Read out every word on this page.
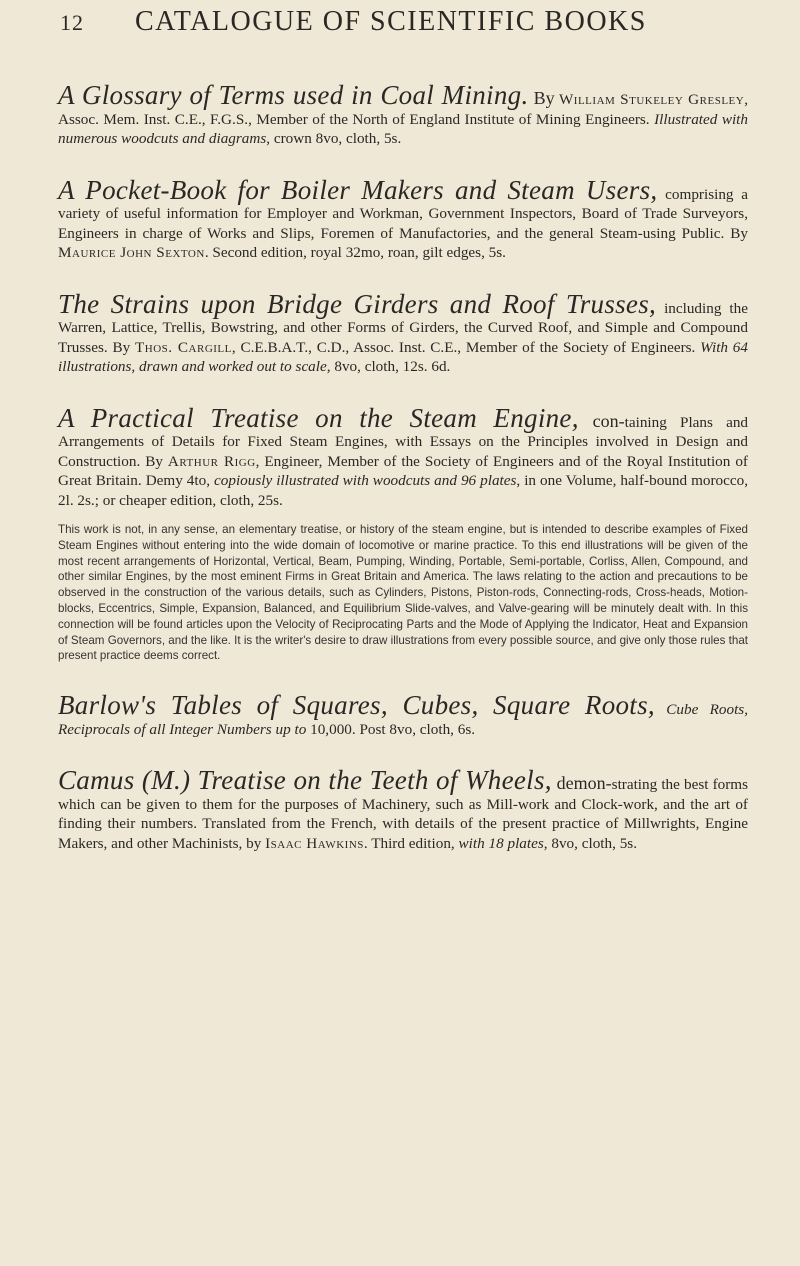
12 CATALOGUE OF SCIENTIFIC BOOKS

A Glossary of Terms used in Coal Mining. By William Stukeley Gresley, Assoc. Mem. Inst. C.E., F.G.S., Member of the North of England Institute of Mining Engineers. Illustrated with numerous woodcuts and diagrams, crown 8vo, cloth, 5s.

A Pocket-Book for Boiler Makers and Steam Users, comprising a variety of useful information for Employer and Workman, Government Inspectors, Board of Trade Surveyors, Engineers in charge of Works and Slips, Foremen of Manufactories, and the general Steam-using Public. By Maurice John Sexton. Second edition, royal 32mo, roan, gilt edges, 5s.

The Strains upon Bridge Girders and Roof Trusses, including the Warren, Lattice, Trellis, Bowstring, and other Forms of Girders, the Curved Roof, and Simple and Compound Trusses. By Thos. Cargill, C.E.B.A.T., C.D., Assoc. Inst. C.E., Member of the Society of Engineers. With 64 illustrations, drawn and worked out to scale, 8vo, cloth, 12s. 6d.

A Practical Treatise on the Steam Engine, con-taining Plans and Arrangements of Details for Fixed Steam Engines, with Essays on the Principles involved in Design and Construction. By Arthur Rigg, Engineer, Member of the Society of Engineers and of the Royal Institution of Great Britain. Demy 4to, copiously illustrated with woodcuts and 96 plates, in one Volume, half-bound morocco, 2l. 2s.; or cheaper edition, cloth, 25s.

This work is not, in any sense, an elementary treatise, or history of the steam engine, but is intended to describe examples of Fixed Steam Engines without entering into the wide domain of locomotive or marine practice. To this end illustrations will be given of the most recent arrangements of Horizontal, Vertical, Beam, Pumping, Winding, Portable, Semi-portable, Corliss, Allen, Compound, and other similar Engines, by the most eminent Firms in Great Britain and America. The laws relating to the action and precautions to be observed in the construction of the various details, such as Cylinders, Pistons, Piston-rods, Connecting-rods, Cross-heads, Motion-blocks, Eccentrics, Simple, Expansion, Balanced, and Equilibrium Slide-valves, and Valve-gearing will be minutely dealt with. In this connection will be found articles upon the Velocity of Reciprocating Parts and the Mode of Applying the Indicator, Heat and Expansion of Steam Governors, and the like. It is the writer's desire to draw illustrations from every possible source, and give only those rules that present practice deems correct.

Barlow's Tables of Squares, Cubes, Square Roots, Cube Roots, Reciprocals of all Integer Numbers up to 10,000. Post 8vo, cloth, 6s.

Camus (M.) Treatise on the Teeth of Wheels, demon-strating the best forms which can be given to them for the purposes of Machinery, such as Mill-work and Clock-work, and the art of finding their numbers. Translated from the French, with details of the present practice of Millwrights, Engine Makers, and other Machinists, by Isaac Hawkins. Third edition, with 18 plates, 8vo, cloth, 5s.
